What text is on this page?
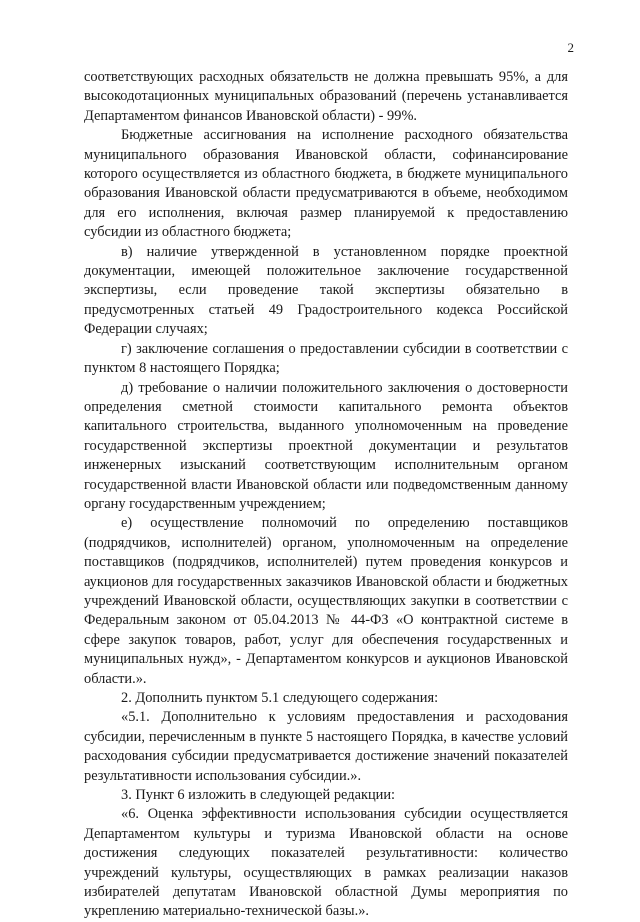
2

соответствующих расходных обязательств не должна превышать 95%, а для высокодотационных муниципальных образований (перечень устанавливается Департаментом финансов Ивановской области) - 99%.

Бюджетные ассигнования на исполнение расходного обязательства муниципального образования Ивановской области, софинансирование которого осуществляется из областного бюджета, в бюджете муниципального образования Ивановской области предусматриваются в объеме, необходимом для его исполнения, включая размер планируемой к предоставлению субсидии из областного бюджета;

в) наличие утвержденной в установленном порядке проектной документации, имеющей положительное заключение государственной экспертизы, если проведение такой экспертизы обязательно в предусмотренных статьей 49 Градостроительного кодекса Российской Федерации случаях;

г) заключение соглашения о предоставлении субсидии в соответствии с пунктом 8 настоящего Порядка;

д) требование о наличии положительного заключения о достоверности определения сметной стоимости капитального ремонта объектов капитального строительства, выданного уполномоченным на проведение государственной экспертизы проектной документации и результатов инженерных изысканий соответствующим исполнительным органом государственной власти Ивановской области или подведомственным данному органу государственным учреждением;

е) осуществление полномочий по определению поставщиков (подрядчиков, исполнителей) органом, уполномоченным на определение поставщиков (подрядчиков, исполнителей) путем проведения конкурсов и аукционов для государственных заказчиков Ивановской области и бюджетных учреждений Ивановской области, осуществляющих закупки в соответствии с Федеральным законом от 05.04.2013 № 44-ФЗ «О контрактной системе в сфере закупок товаров, работ, услуг для обеспечения государственных и муниципальных нужд», - Департаментом конкурсов и аукционов Ивановской области.».

2. Дополнить пунктом 5.1 следующего содержания:

«5.1. Дополнительно к условиям предоставления и расходования субсидии, перечисленным в пункте 5 настоящего Порядка, в качестве условий расходования субсидии предусматривается достижение значений показателей результативности использования субсидии.».

3. Пункт 6 изложить в следующей редакции:

«6. Оценка эффективности использования субсидии осуществляется Департаментом культуры и туризма Ивановской области на основе достижения следующих показателей результативности: количество учреждений культуры, осуществляющих в рамках реализации наказов избирателей депутатам Ивановской областной Думы мероприятия по укреплению материально-технической базы.».
